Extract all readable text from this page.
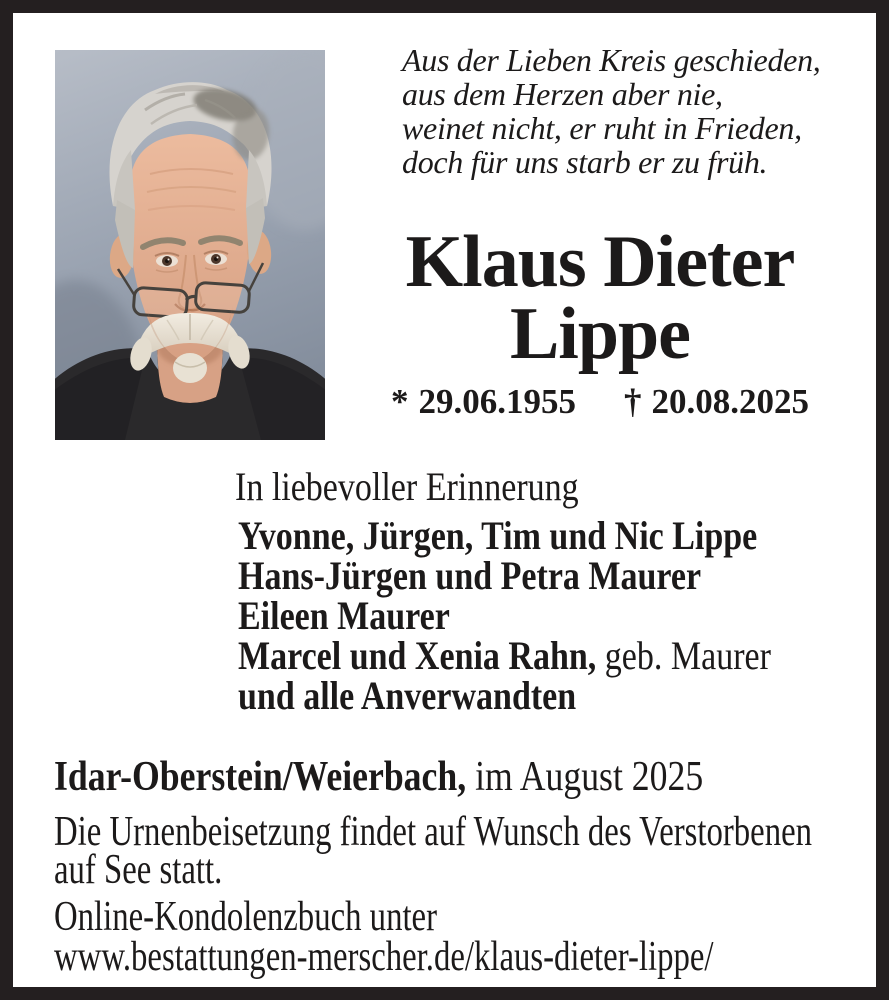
Aus der Lieben Kreis geschieden,
aus dem Herzen aber nie,
weinet nicht, er ruht in Frieden,
doch für uns starb er zu früh.
Klaus Dieter
Lippe
* 29.06.1955 † 20.08.2025
In liebevoller Erinnerung
Yvonne, Jürgen, Tim und Nic Lippe
Hans-Jürgen und Petra Maurer
Eileen Maurer
Marcel und Xenia Rahn, geb. Maurer
und alle Anverwandten
Idar-Oberstein/Weierbach, im August 2025
Die Urnenbeisetzung findet auf Wunsch des Verstorbenen
auf See statt.
Online-Kondolenzbuch unter
www.bestattungen-merscher.de/klaus-dieter-lippe/
